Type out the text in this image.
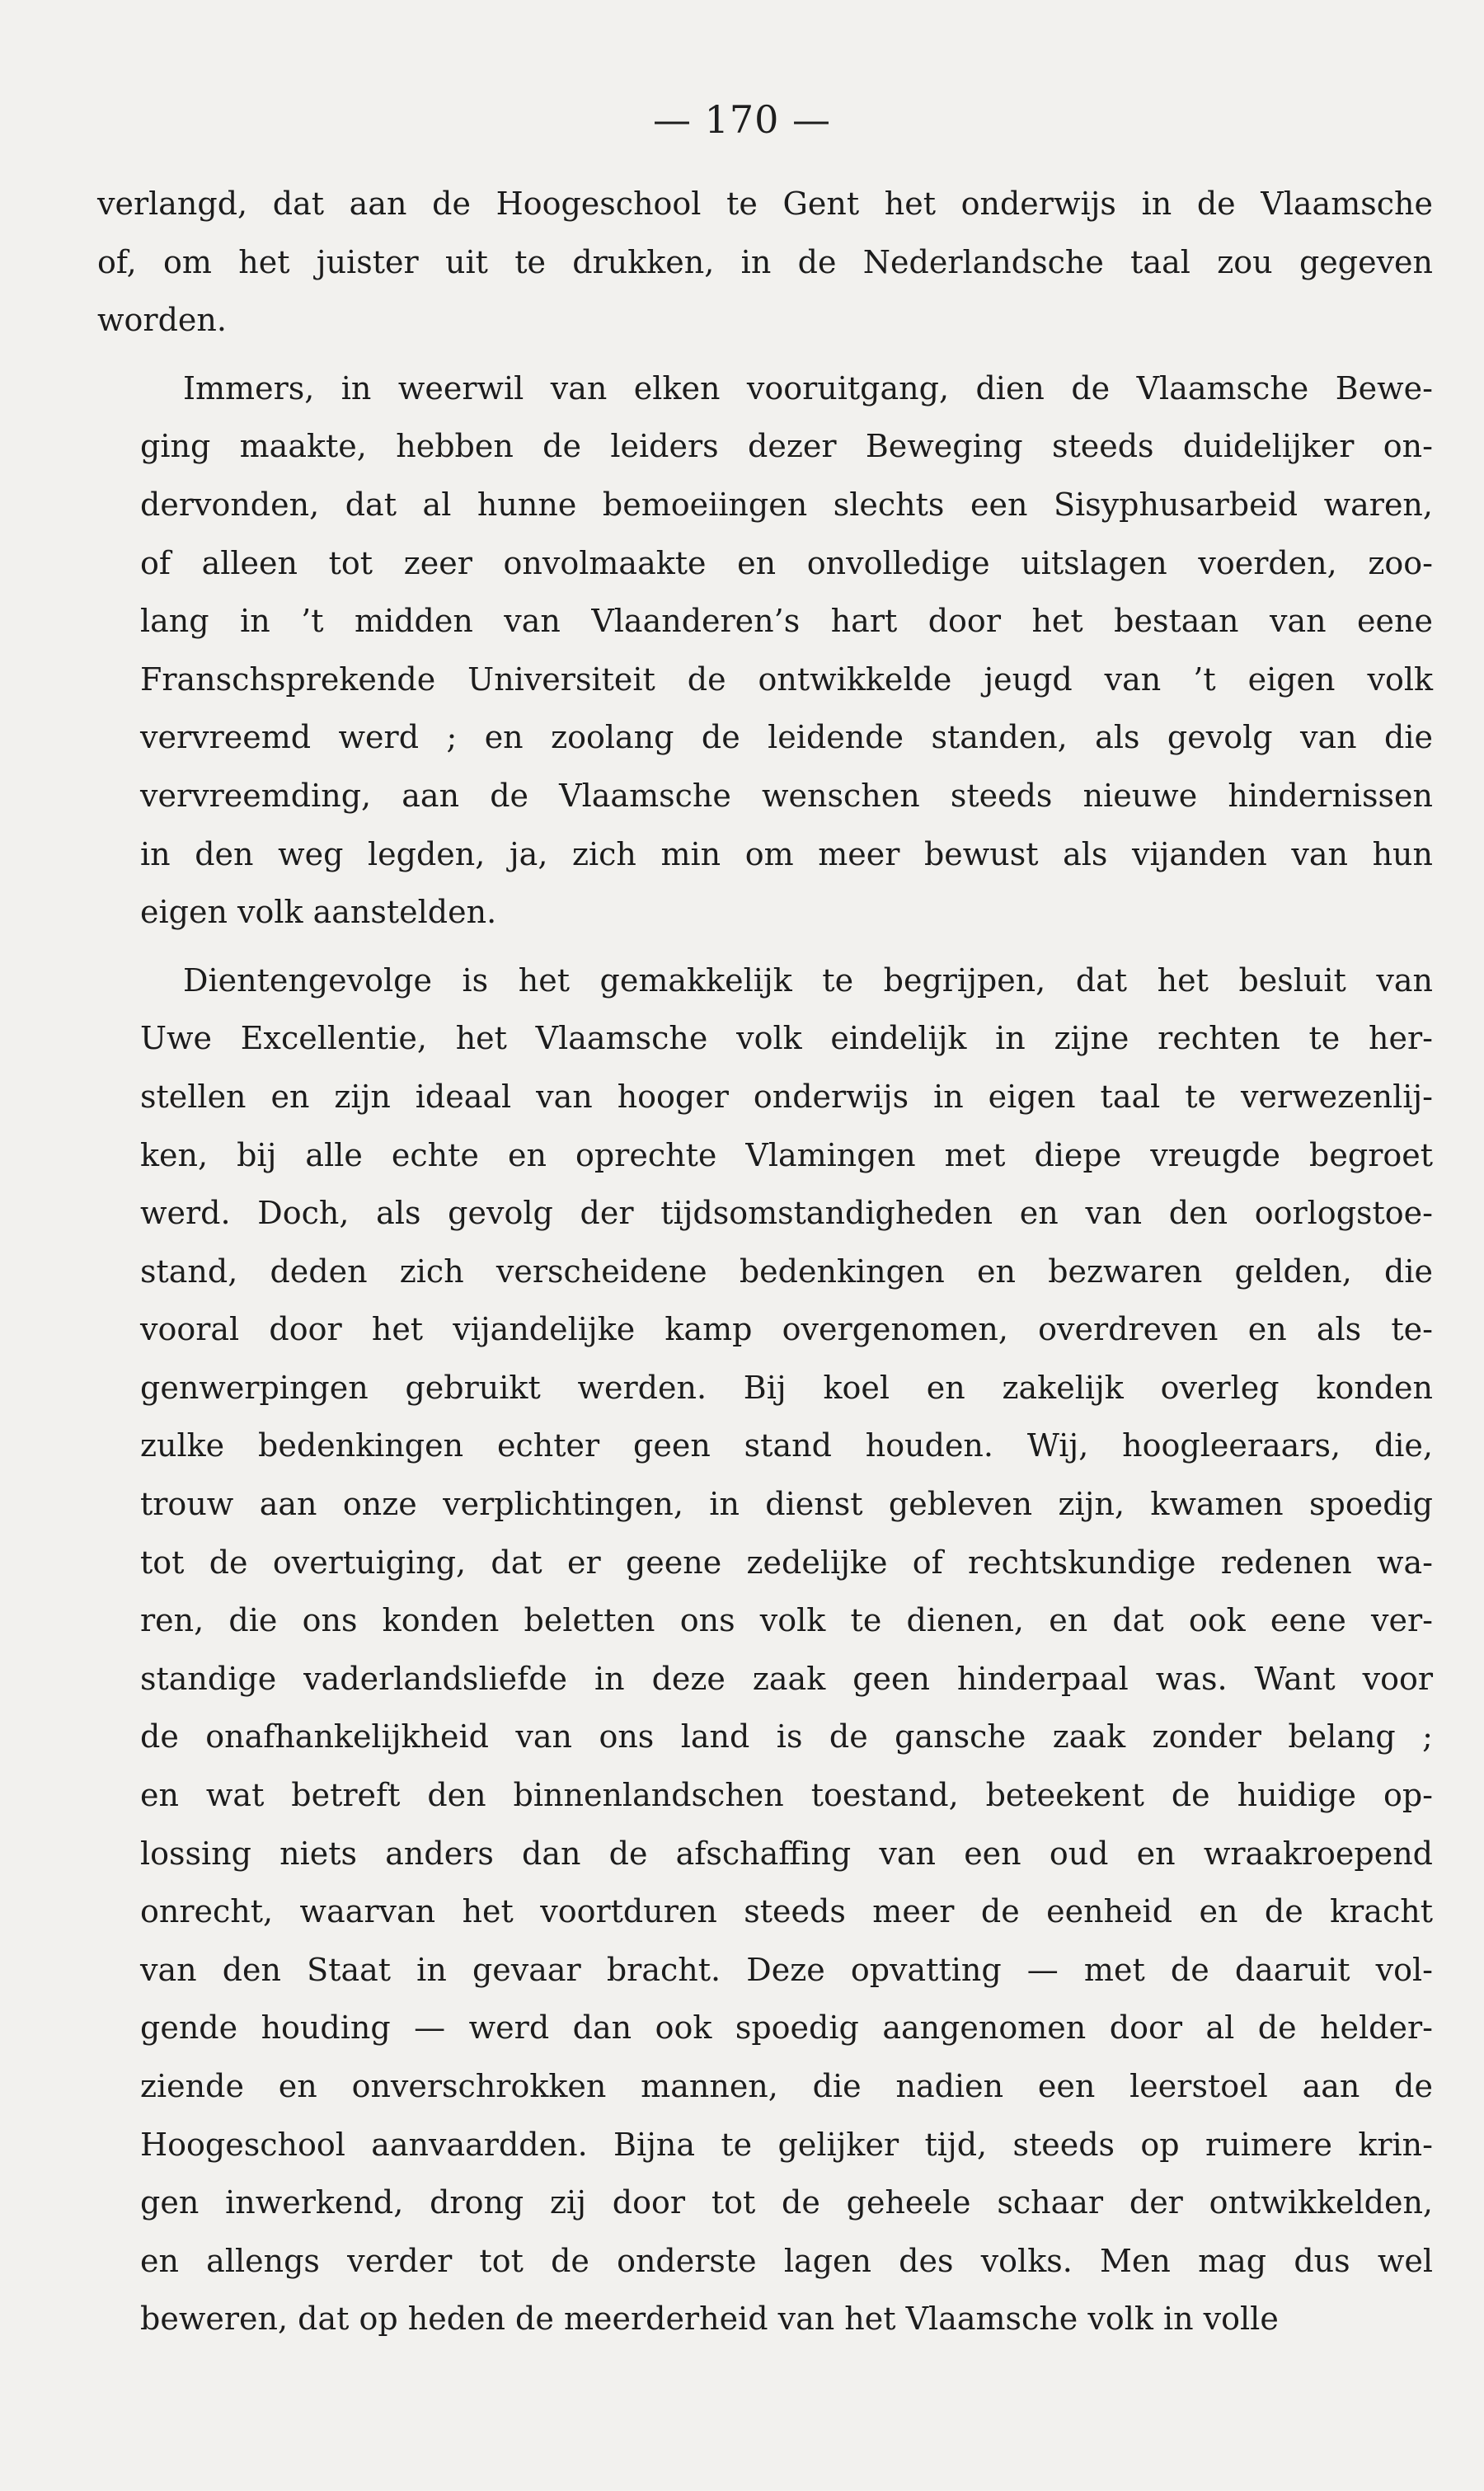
— 170 —
verlangd, dat aan de Hoogeschool te Gent het onderwijs in de Vlaamsche
of, om het juister uit te drukken, in de Nederlandsche taal zou gegeven
worden.
Immers, in weerwil van elken vooruitgang, dien de Vlaamsche Bewe-
ging maakte, hebben de leiders dezer Beweging steeds duidelijker on-
dervonden, dat al hunne bemoeiingen slechts een Sisyphusarbeid waren,
of alleen tot zeer onvolmaakte en onvolledige uitslagen voerden, zoo-
lang in ’t midden van Vlaanderen’s hart door het bestaan van eene
Franschsprekende Universiteit de ontwikkelde jeugd van ’t eigen volk
vervreemd werd ; en zoolang de leidende standen, als gevolg van die
vervreemding, aan de Vlaamsche wenschen steeds nieuwe hindernissen
in den weg legden, ja, zich min om meer bewust als vijanden van hun
eigen volk aanstelden.
Dientengevolge is het gemakkelijk te begrijpen, dat het besluit van
Uwe Excellentie, het Vlaamsche volk eindelijk in zijne rechten te her-
stellen en zijn ideaal van hooger onderwijs in eigen taal te verwezenlij-
ken, bij alle echte en oprechte Vlamingen met diepe vreugde begroet
werd. Doch, als gevolg der tijdsomstandigheden en van den oorlogstoe-
stand, deden zich verscheidene bedenkingen en bezwaren gelden, die
vooral door het vijandelijke kamp overgenomen, overdreven en als te-
genwerpingen gebruikt werden. Bij koel en zakelijk overleg konden
zulke bedenkingen echter geen stand houden. Wij, hoogleeraars, die,
trouw aan onze verplichtingen, in dienst gebleven zijn, kwamen spoedig
tot de overtuiging, dat er geene zedelijke of rechtskundige redenen wa-
ren, die ons konden beletten ons volk te dienen, en dat ook eene ver-
standige vaderlandsliefde in deze zaak geen hinderpaal was. Want voor
de onafhankelijkheid van ons land is de gansche zaak zonder belang ;
en wat betreft den binnenlandschen toestand, beteekent de huidige op-
lossing niets anders dan de afschaffing van een oud en wraakroepend
onrecht, waarvan het voortduren steeds meer de eenheid en de kracht
van den Staat in gevaar bracht. Deze opvatting — met de daaruit vol-
gende houding — werd dan ook spoedig aangenomen door al de helder-
ziende en onverschrokken mannen, die nadien een leerstoel aan de
Hoogeschool aanvaardden. Bijna te gelijker tijd, steeds op ruimere krin-
gen inwerkend, drong zij door tot de geheele schaar der ontwikkelden,
en allengs verder tot de onderste lagen des volks. Men mag dus wel
beweren, dat op heden de meerderheid van het Vlaamsche volk in volle
